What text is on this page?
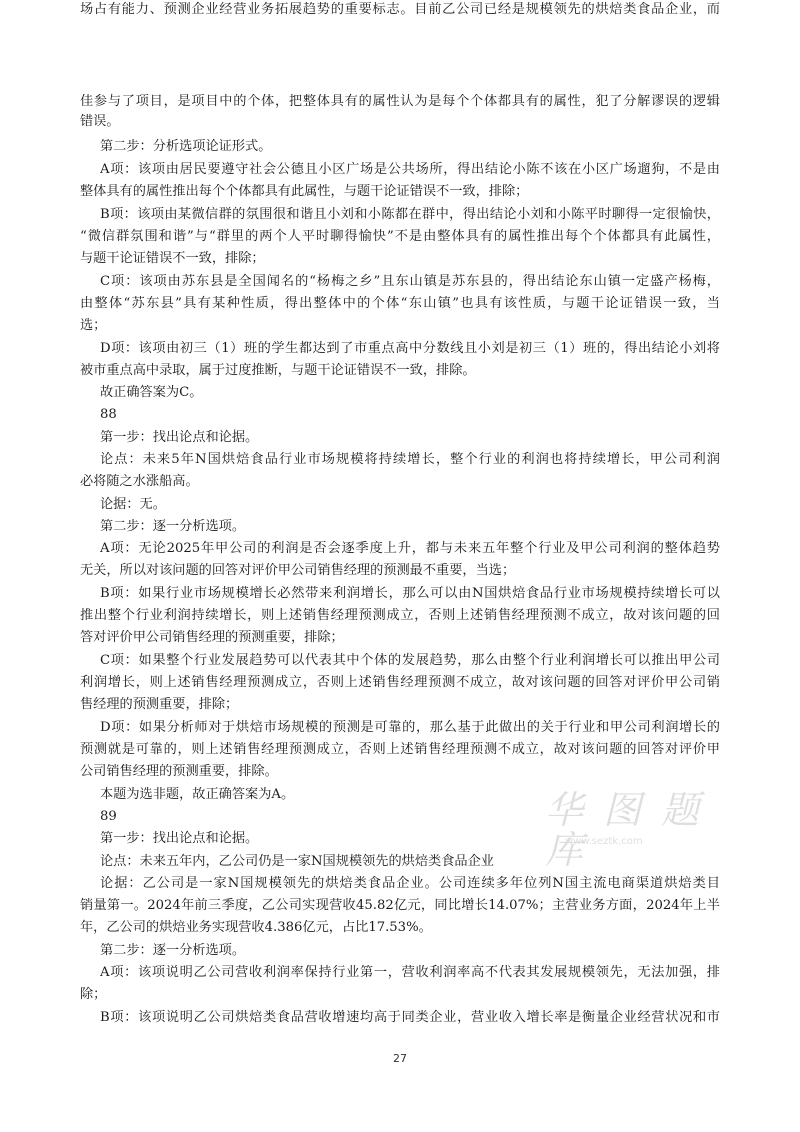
佳参与了项目，是项目中的个体，把整体具有的属性认为是每个个体都具有的属性，犯了分解谬误的逻辑
错误。
第二步：分析选项论证形式。
A项：该项由居民要遵守社会公德且小区广场是公共场所，得出结论小陈不该在小区广场遛狗，不是由
整体具有的属性推出每个个体都具有此属性，与题干论证错误不一致，排除；
B项：该项由某微信群的氛围很和谐且小刘和小陈都在群中，得出结论小刘和小陈平时聊得一定很愉快，
“微信群氛围和谐”与“群里的两个人平时聊得愉快”不是由整体具有的属性推出每个个体都具有此属性，
与题干论证错误不一致，排除；
C项：该项由苏东县是全国闻名的“杨梅之乡”且东山镇是苏东县的，得出结论东山镇一定盛产杨梅，
由整体“苏东县”具有某种性质，得出整体中的个体“东山镇”也具有该性质，与题干论证错误一致，当
选；
D项：该项由初三（1）班的学生都达到了市重点高中分数线且小刘是初三（1）班的，得出结论小刘将
被市重点高中录取，属于过度推断，与题干论证错误不一致，排除。
故正确答案为C。
88
第一步：找出论点和论据。
论点：未来5年N国烘焙食品行业市场规模将持续增长，整个行业的利润也将持续增长，甲公司利润
必将随之水涨船高。
论据：无。
第二步：逐一分析选项。
A项：无论2025年甲公司的利润是否会逐季度上升，都与未来五年整个行业及甲公司利润的整体趋势
无关，所以对该问题的回答对评价甲公司销售经理的预测最不重要，当选；
B项：如果行业市场规模增长必然带来利润增长，那么可以由N国烘焙食品行业市场规模持续增长可以
推出整个行业利润持续增长，则上述销售经理预测成立，否则上述销售经理预测不成立，故对该问题的回
答对评价甲公司销售经理的预测重要，排除；
C项：如果整个行业发展趋势可以代表其中个体的发展趋势，那么由整个行业利润增长可以推出甲公司
利润增长，则上述销售经理预测成立，否则上述销售经理预测不成立，故对该问题的回答对评价甲公司销
售经理的预测重要，排除；
D项：如果分析师对于烘焙市场规模的预测是可靠的，那么基于此做出的关于行业和甲公司利润增长的
预测就是可靠的，则上述销售经理预测成立，否则上述销售经理预测不成立，故对该问题的回答对评价甲
公司销售经理的预测重要，排除。
本题为选非题，故正确答案为A。
89
第一步：找出论点和论据。
论点：未来五年内，乙公司仍是一家N国规模领先的烘焙类食品企业
论据：乙公司是一家N国规模领先的烘焙类食品企业。公司连续多年位列N国主流电商渠道烘焙类目
销量第一。2024年前三季度，乙公司实现营收45.82亿元，同比增长14.07%；主营业务方面，2024年上半
年，乙公司的烘焙业务实现营收4.386亿元，占比17.53%。
第二步：逐一分析选项。
A项：该项说明乙公司营收利润率保持行业第一，营收利润率高不代表其发展规模领先，无法加强，排
除；
B项：该项说明乙公司烘焙类食品营收增速均高于同类企业，营业收入增长率是衡量企业经营状况和市
场占有能力、预测企业经营业务拓展趋势的重要标志。目前乙公司已经是规模领先的烘焙类食品企业，而
华 图 题 库
www.seztk.com
27
